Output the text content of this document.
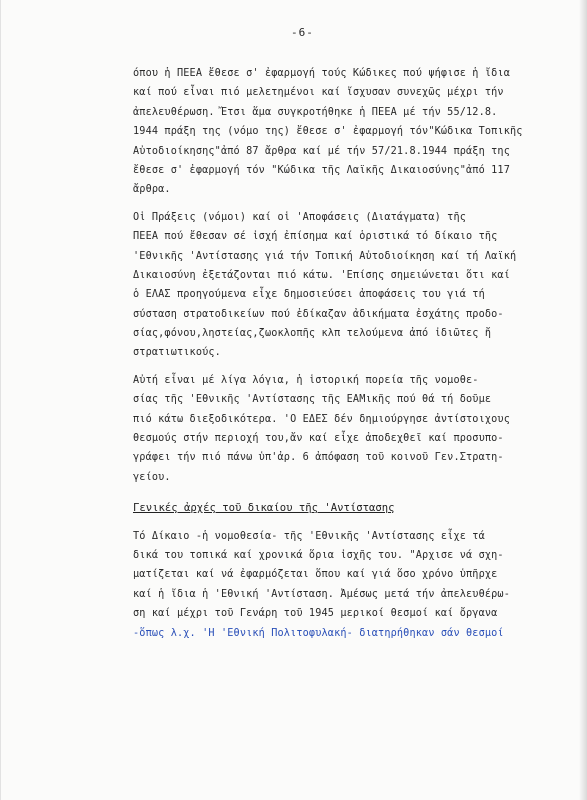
-6-
όπου ἡ ΠΕΕΑ ἔθεσε σ' ἐφαρμογή τούς Κώδικες πού ψήφισε ἡ ἴδια
καί πού εἶναι πιό μελετημένοι καί ἴσχυσαν συνεχῶς μέχρι τήν
ἀπελευθέρωση. Ἔτσι ἅμα συγκροτήθηκε ἡ ΠΕΕΑ μέ τήν 55/12.8.
1944 πράξη της (νόμο της) ἔθεσε σ' ἐφαρμογή τόν"Κώδικα Τοπικῆς
Αὐτοδιοίκησης"ἀπό 87 ἄρθρα καί μέ τήν 57/21.8.1944 πράξη της
ἔθεσε σ' ἐφαρμογή τόν "Κώδικα τῆς Λαϊκῆς Δικαιοσύνης"ἀπό 117
ἄρθρα.
Οἱ Πράξεις (νόμοι) καί οἱ 'Αποφάσεις (Διατάγματα) τῆς
ΠΕΕΑ πού ἔθεσαν σέ ἰσχή ἐπίσημα καί ὁριστικά τό δίκαιο τῆς
'Εθνικῆς 'Αντίστασης γιά τήν Τοπική Αὐτοδιοίκηση καί τή Λαϊκή
Δικαιοσύνη ἐξετάζονται πιό κάτω. 'Επίσης σημειώνεται ὅτι καί
ὁ ΕΛΑΣ προηγούμενα εἶχε δημοσιεύσει ἀποφάσεις του γιά τή
σύσταση στρατοδικείων πού ἐδίκαζαν ἀδικήματα ἐσχάτης προδο-
σίας,φόνου,ληστείας,ζωοκλοπῆς κλπ τελούμενα ἀπό ἰδιῶτες ἤ
στρατιωτικούς.
Αὐτή εἶναι μέ λίγα λόγια, ἡ ἱστορική πορεία τῆς νομοθε-
σίας τῆς 'Εθνικῆς 'Αντίστασης τῆς ΕΑΜικῆς πού θά τή δοῦμε
πιό κάτω διεξοδικότερα. 'Ο ΕΔΕΣ δέν δημιούργησε ἀντίστοιχους
θεσμούς στήν περιοχή του,ἄν καί εἶχε ἀποδεχθεῖ καί προσυπο-
γράφει τήν πιό πάνω ὑπ'ἀρ. 6 ἀπόφαση τοῦ κοινοῦ Γεν.Στρατη-
γείου.
Γενικές ἀρχές τοῦ δικαίου τῆς 'Αντίστασης
Τό Δίκαιο -ἡ νομοθεσία- τῆς 'Εθνικῆς 'Αντίστασης εἶχε τά
δικά του τοπικά καί χρονικά ὅρια ἰσχῆς του. "Αρχισε νά σχη-
ματίζεται καί νά ἐφαρμόζεται ὅπου καί γιά ὅσο χρόνο ὑπῆρχε
καί ἡ ἴδια ἡ 'Εθνική 'Αντίσταση. Ἀμέσως μετά τήν ἀπελευθέρω-
ση καί μέχρι τοῦ Γενάρη τοῦ 1945 μερικοί θεσμοί καί ὄργανα
-ὅπως λ.χ. 'Η 'Εθνική Πολιτοφυλακή- διατηρήθηκαν σάν θεσμοί
